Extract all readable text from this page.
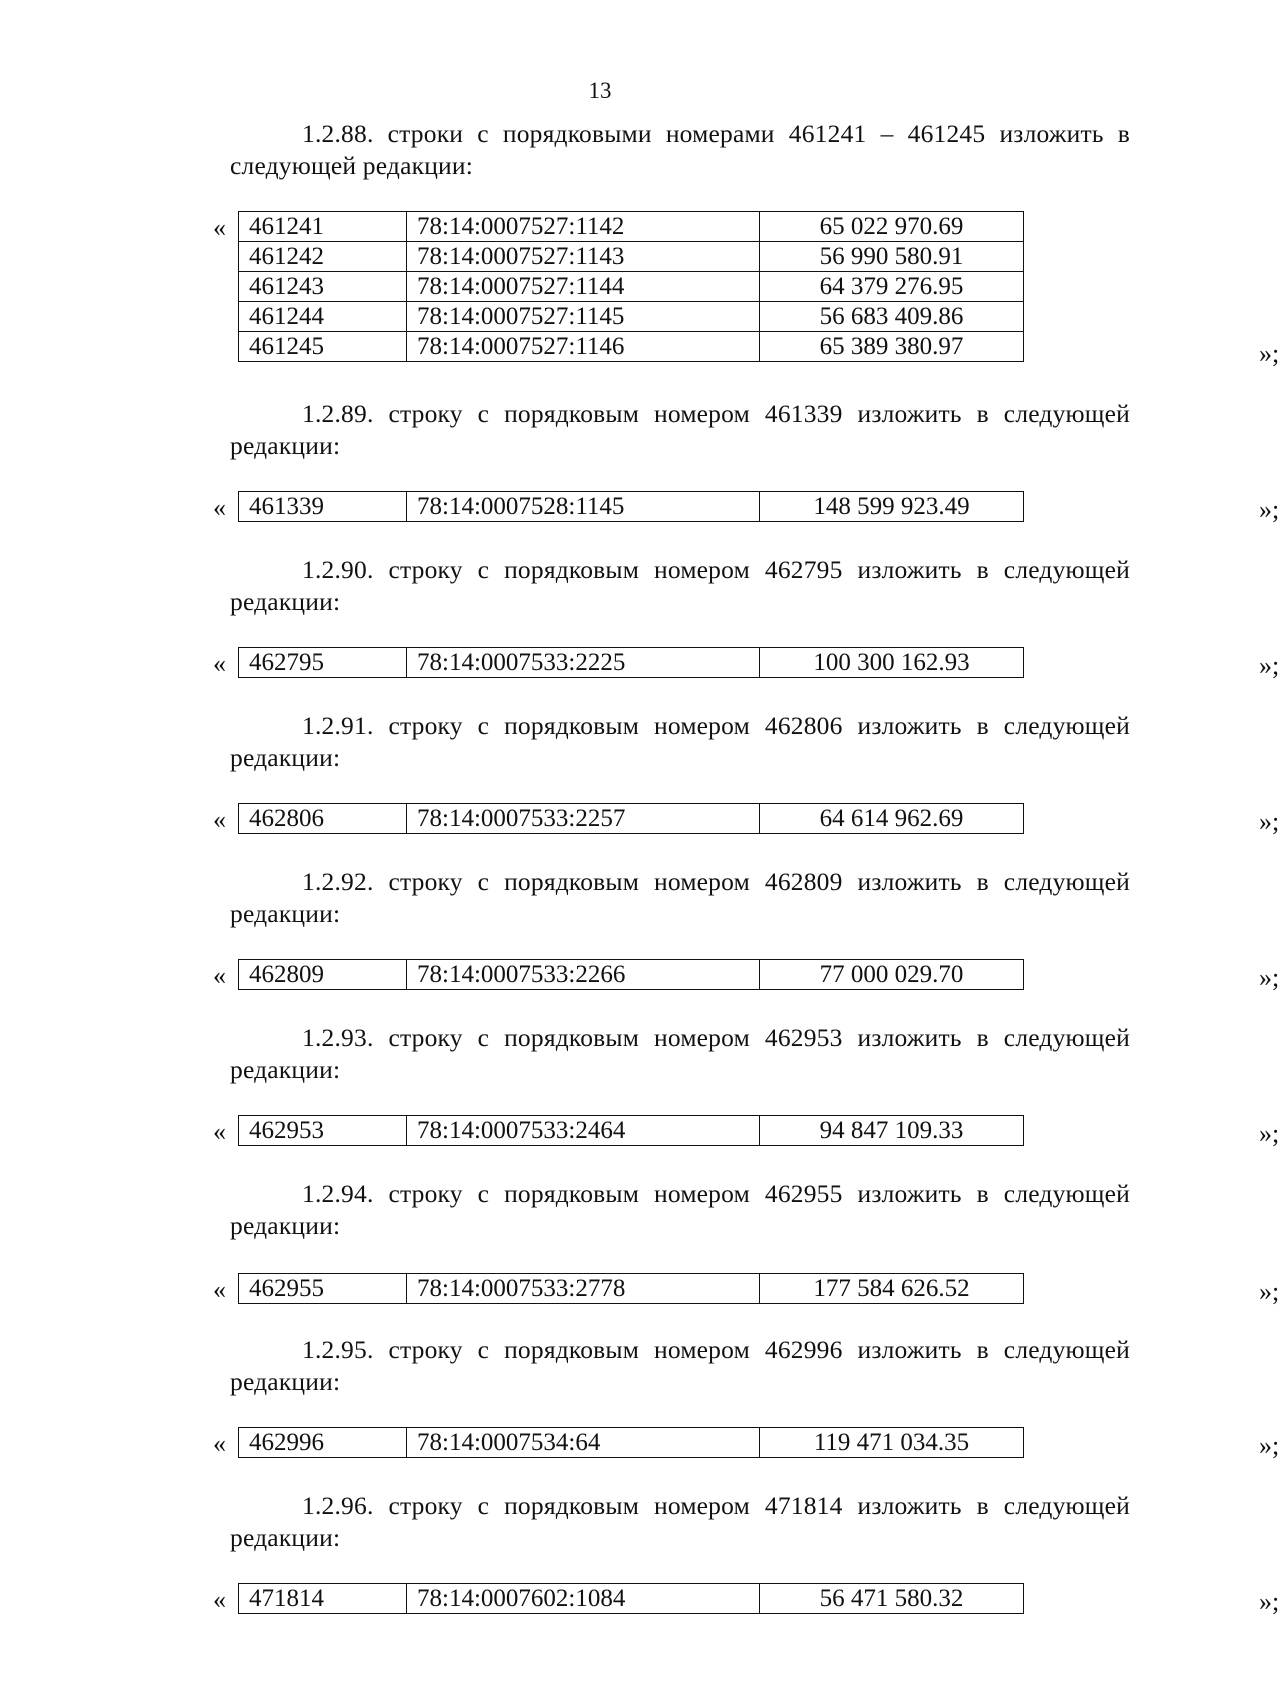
13
1.2.88. строки с порядковыми номерами 461241 – 461245 изложить в следующей редакции:
« 461241	78:14:0007527:1142	65 022 970.69
461242	78:14:0007527:1143	56 990 580.91
461243	78:14:0007527:1144	64 379 276.95
461244	78:14:0007527:1145	56 683 409.86
461245	78:14:0007527:1146	65 389 380.97	»;
1.2.89. строку с порядковым номером 461339 изложить в следующей редакции:
« 461339	78:14:0007528:1145	148 599 923.49	»;
1.2.90. строку с порядковым номером 462795 изложить в следующей редакции:
« 462795	78:14:0007533:2225	100 300 162.93	»;
1.2.91. строку с порядковым номером 462806 изложить в следующей редакции:
« 462806	78:14:0007533:2257	64 614 962.69	»;
1.2.92. строку с порядковым номером 462809 изложить в следующей редакции:
« 462809	78:14:0007533:2266	77 000 029.70	»;
1.2.93. строку с порядковым номером 462953 изложить в следующей редакции:
« 462953	78:14:0007533:2464	94 847 109.33	»;
1.2.94. строку с порядковым номером 462955 изложить в следующей редакции:
« 462955	78:14:0007533:2778	177 584 626.52	»;
1.2.95. строку с порядковым номером 462996 изложить в следующей редакции:
« 462996	78:14:0007534:64	119 471 034.35	»;
1.2.96. строку с порядковым номером 471814 изложить в следующей редакции:
« 471814	78:14:0007602:1084	56 471 580.32	»;
